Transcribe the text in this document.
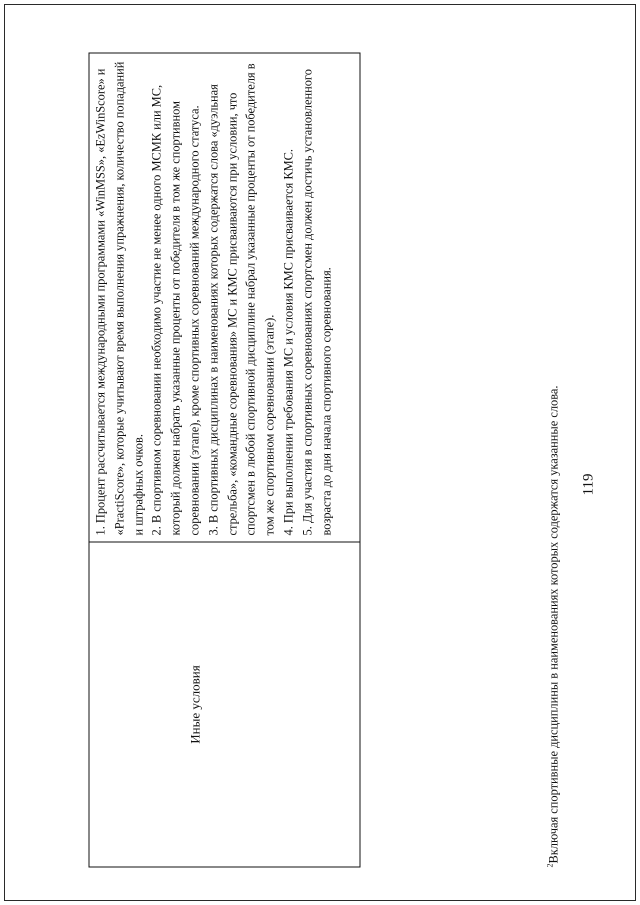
119
Иные условия

1. Процент рассчитывается международными программами «WinMSS», «EzWinScore» и «PractiScore», которые учитывают время выполнения упражнения, количество попаданий и штрафных очков. 2. В спортивном соревновании необходимо участие не менее одного МСМК или МС, который должен набрать указанные проценты от победителя в том же спортивном соревновании (этапе), кроме спортивных соревнований международного статуса. 3. В спортивных дисциплинах в наименованиях которых содержатся слова «дуэльная стрельба», «командные соревнования» МС и КМС присваиваются при условии, что спортсмен в любой спортивной дисциплине набрал указанные проценты от победителя в том же спортивном соревновании (этапе). 4. При выполнении требования МС и условия КМС присваивается КМС. 5. Для участия в спортивных соревнованиях спортсмен должен достичь установленного возраста до дня начала спортивного соревнования.

$^2$Включая спортивные дисциплины в наименованиях которых содержатся указанные слова.
